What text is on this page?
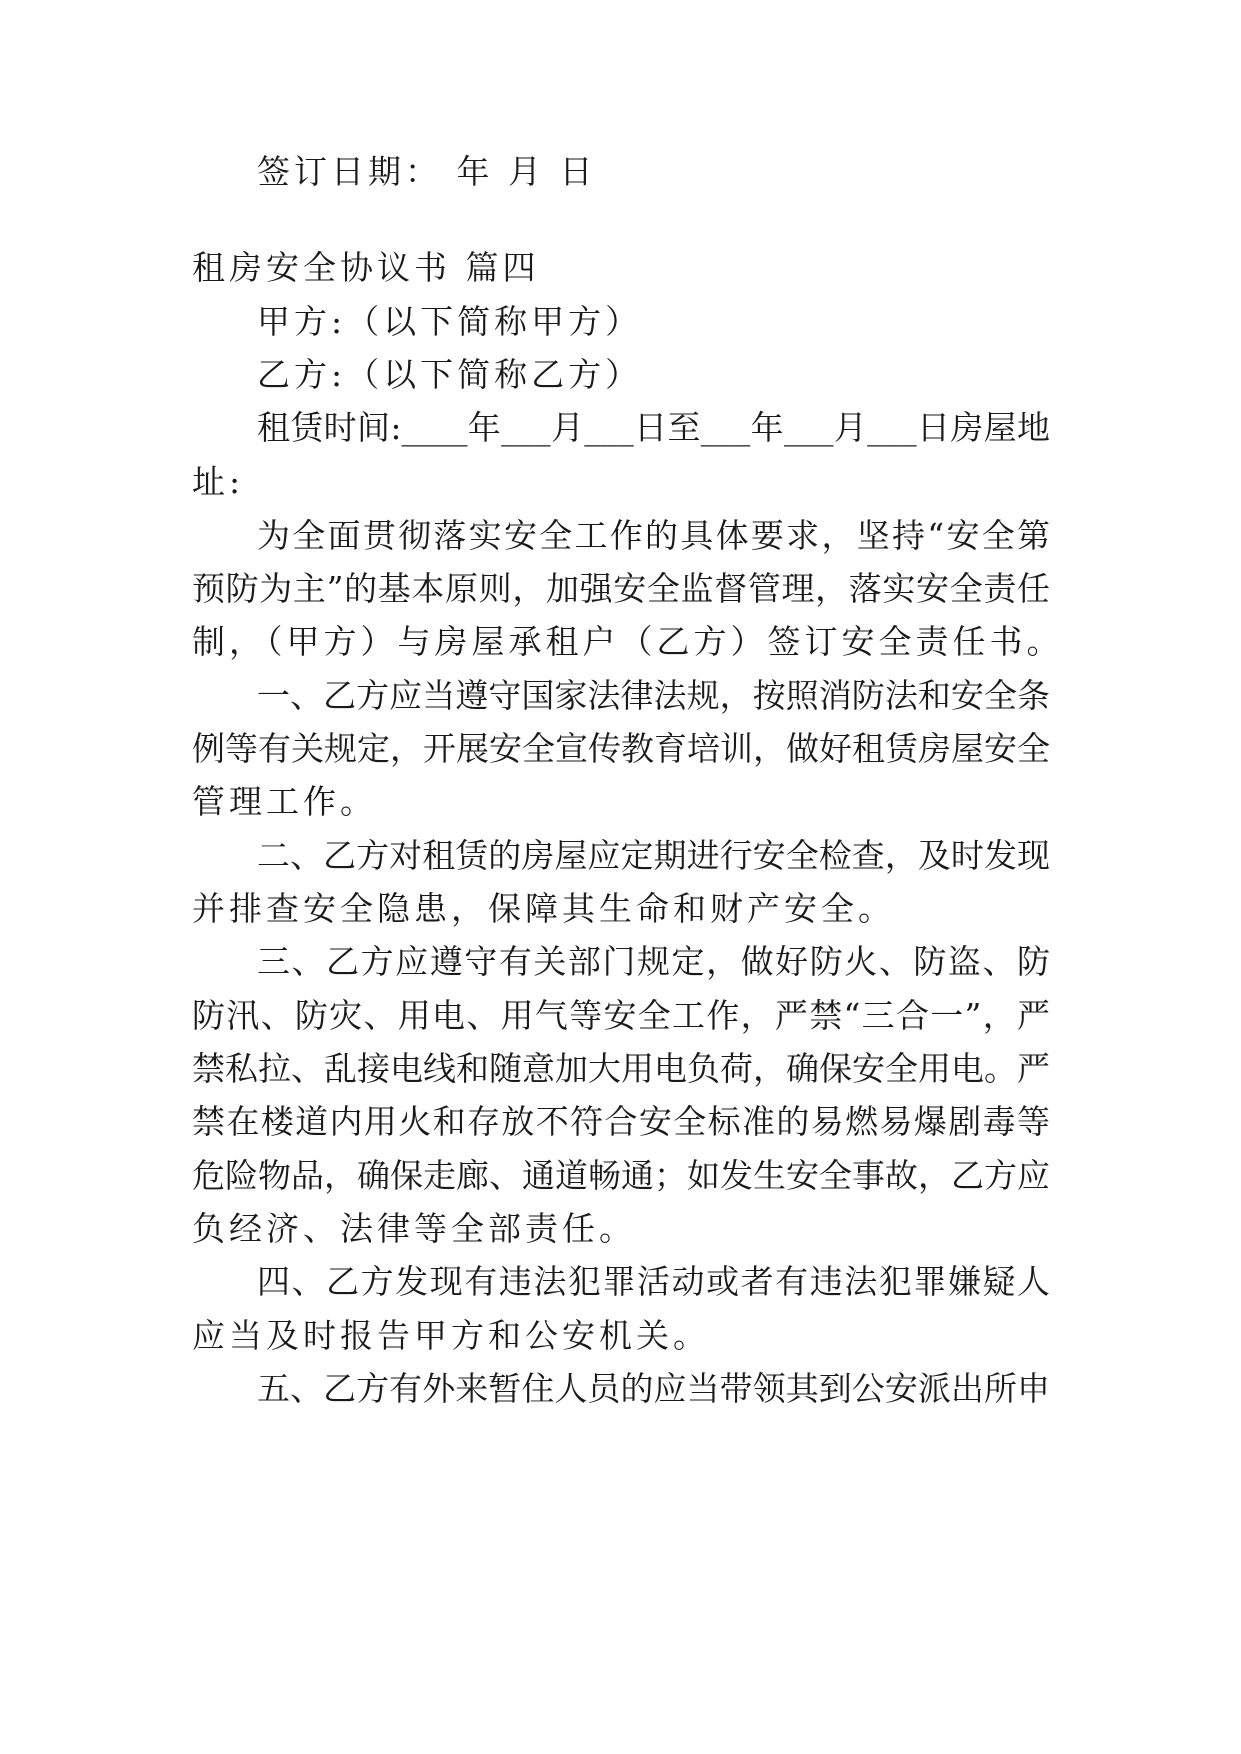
签订日期： 年 月 日
租房安全协议书 篇四
甲方:（以下简称甲方）
乙方:（以下简称乙方）
租赁时间:____年___月___日至___年___月___日房屋地
址:
为全面贯彻落实安全工作的具体要求，坚持“安全第
预防为主”的基本原则，加强安全监督管理，落实安全责任
制，（甲方）与房屋承租户（乙方）签订安全责任书。
一、乙方应当遵守国家法律法规，按照消防法和安全条
例等有关规定，开展安全宣传教育培训，做好租赁房屋安全
管理工作。
二、乙方对租赁的房屋应定期进行安全检查，及时发现
并排查安全隐患，保障其生命和财产安全。
三、乙方应遵守有关部门规定，做好防火、防盗、防
防汛、防灾、用电、用气等安全工作，严禁“三合一”，严
禁私拉、乱接电线和随意加大用电负荷，确保安全用电。严
禁在楼道内用火和存放不符合安全标准的易燃易爆剧毒等
危险物品，确保走廊、通道畅通；如发生安全事故，乙方应
负经济、法律等全部责任。
四、乙方发现有违法犯罪活动或者有违法犯罪嫌疑人
应当及时报告甲方和公安机关。
五、乙方有外来暂住人员的应当带领其到公安派出所申
